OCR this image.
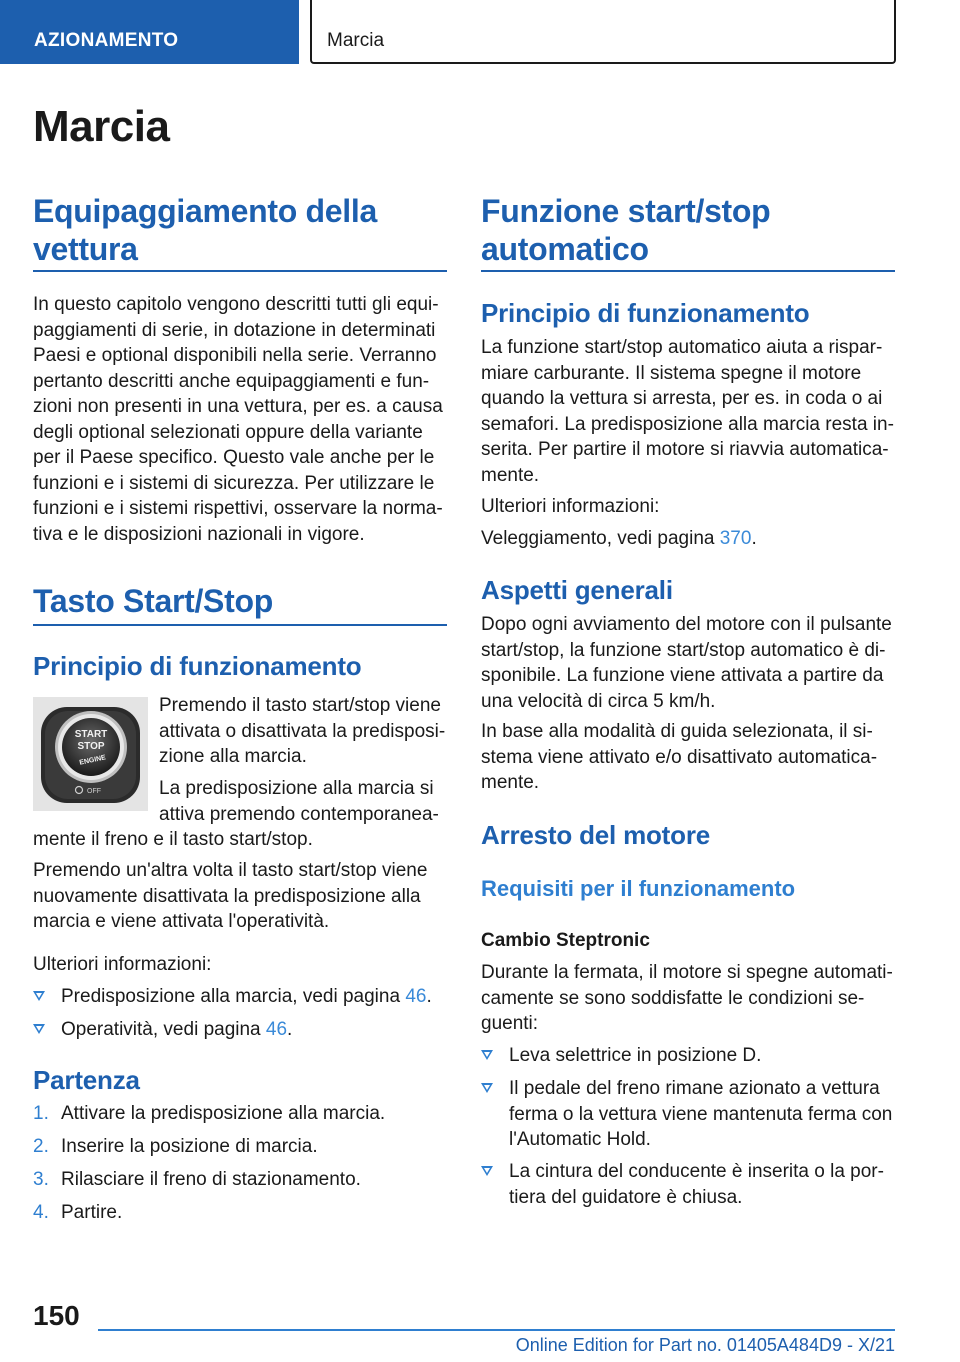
AZIONAMENTO	Marcia
Marcia
Equipaggiamento della vettura
In questo capitolo vengono descritti tutti gli equi-paggiamenti di serie, in dotazione in determinati Paesi e optional disponibili nella serie. Verranno pertanto descritti anche equipaggiamenti e fun-zioni non presenti in una vettura, per es. a causa degli optional selezionati oppure della variante per il Paese specifico. Questo vale anche per le funzioni e i sistemi di sicurezza. Per utilizzare le funzioni e i sistemi rispettivi, osservare la norma-tiva e le disposizioni nazionali in vigore.
Tasto Start/Stop
Principio di funzionamento
START
STOP
ENGINE
OFF
Premendo il tasto start/stop viene attivata o disattivata la predisposi-zione alla marcia.
La predisposizione alla marcia si attiva premendo contemporanea-
mente il freno e il tasto start/stop.
Premendo un'altra volta il tasto start/stop viene nuovamente disattivata la predisposizione alla marcia e viene attivata l'operatività.
Ulteriori informazioni:
Predisposizione alla marcia, vedi pagina 46.
Operatività, vedi pagina 46.
Partenza
1. Attivare la predisposizione alla marcia.
2. Inserire la posizione di marcia.
3. Rilasciare il freno di stazionamento.
4. Partire.
Funzione start/stop automatico
Principio di funzionamento
La funzione start/stop automatico aiuta a rispar-miare carburante. Il sistema spegne il motore quando la vettura si arresta, per es. in coda o ai semafori. La predisposizione alla marcia resta in-serita. Per partire il motore si riavvia automatica-mente.
Ulteriori informazioni:
Veleggiamento, vedi pagina 370.
Aspetti generali
Dopo ogni avviamento del motore con il pulsante start/stop, la funzione start/stop automatico è di-sponibile. La funzione viene attivata a partire da una velocità di circa 5 km/h.
In base alla modalità di guida selezionata, il si-stema viene attivato e/o disattivato automatica-mente.
Arresto del motore
Requisiti per il funzionamento
Cambio Steptronic
Durante la fermata, il motore si spegne automati-camente se sono soddisfatte le condizioni se-guenti:
Leva selettrice in posizione D.
Il pedale del freno rimane azionato a vettura ferma o la vettura viene mantenuta ferma con l'Automatic Hold.
La cintura del conducente è inserita o la por-tiera del guidatore è chiusa.
150
Online Edition for Part no. 01405A484D9 - X/21
